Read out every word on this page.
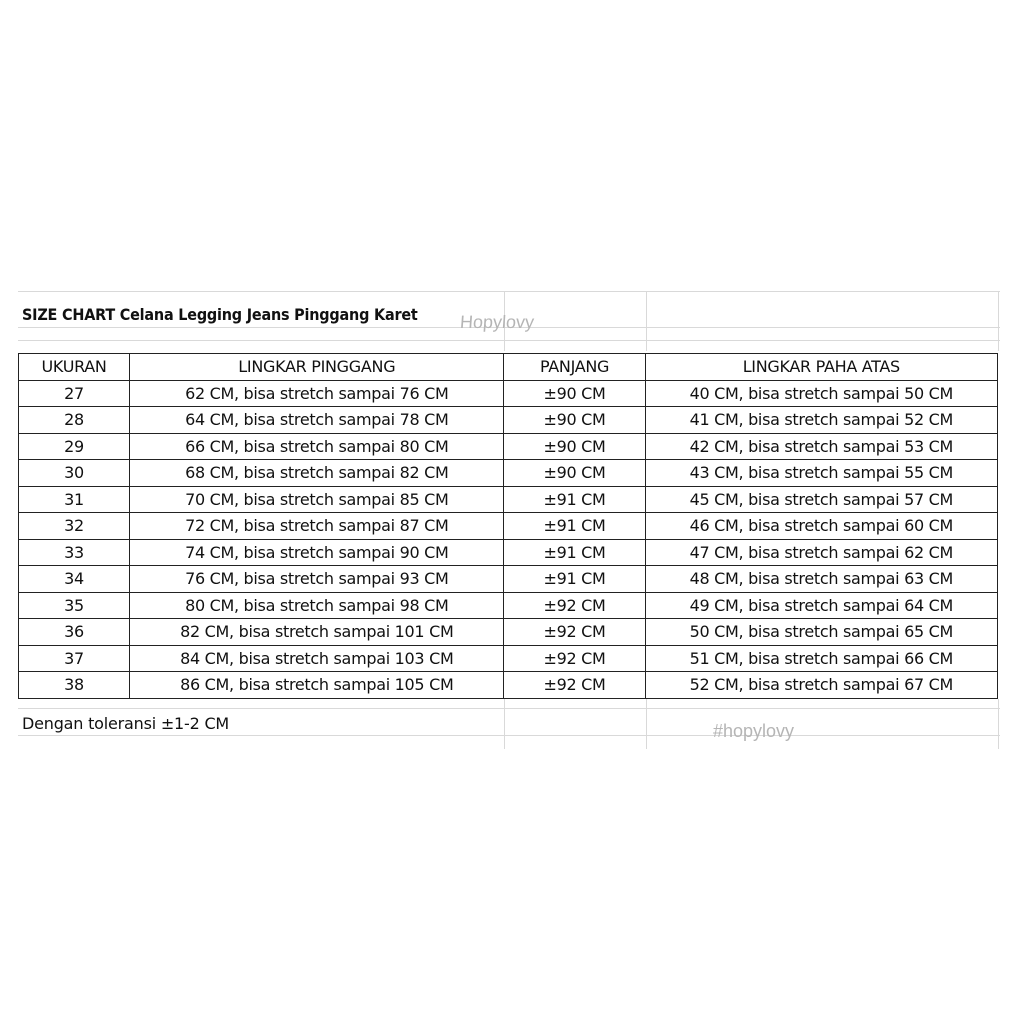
SIZE CHART Celana Legging Jeans Pinggang Karet Hopylovy
UKURAN	LINGKAR PINGGANG	PANJANG	LINGKAR PAHA ATAS
27	62 CM, bisa stretch sampai 76 CM	±90 CM	40 CM, bisa stretch sampai 50 CM
28	64 CM, bisa stretch sampai 78 CM	±90 CM	41 CM, bisa stretch sampai 52 CM
29	66 CM, bisa stretch sampai 80 CM	±90 CM	42 CM, bisa stretch sampai 53 CM
30	68 CM, bisa stretch sampai 82 CM	±90 CM	43 CM, bisa stretch sampai 55 CM
31	70 CM, bisa stretch sampai 85 CM	±91 CM	45 CM, bisa stretch sampai 57 CM
32	72 CM, bisa stretch sampai 87 CM	±91 CM	46 CM, bisa stretch sampai 60 CM
33	74 CM, bisa stretch sampai 90 CM	±91 CM	47 CM, bisa stretch sampai 62 CM
34	76 CM, bisa stretch sampai 93 CM	±91 CM	48 CM, bisa stretch sampai 63 CM
35	80 CM, bisa stretch sampai 98 CM	±92 CM	49 CM, bisa stretch sampai 64 CM
36	82 CM, bisa stretch sampai 101 CM	±92 CM	50 CM, bisa stretch sampai 65 CM
37	84 CM, bisa stretch sampai 103 CM	±92 CM	51 CM, bisa stretch sampai 66 CM
38	86 CM, bisa stretch sampai 105 CM	±92 CM	52 CM, bisa stretch sampai 67 CM
Dengan toleransi ±1-2 CM	#hopylovy
